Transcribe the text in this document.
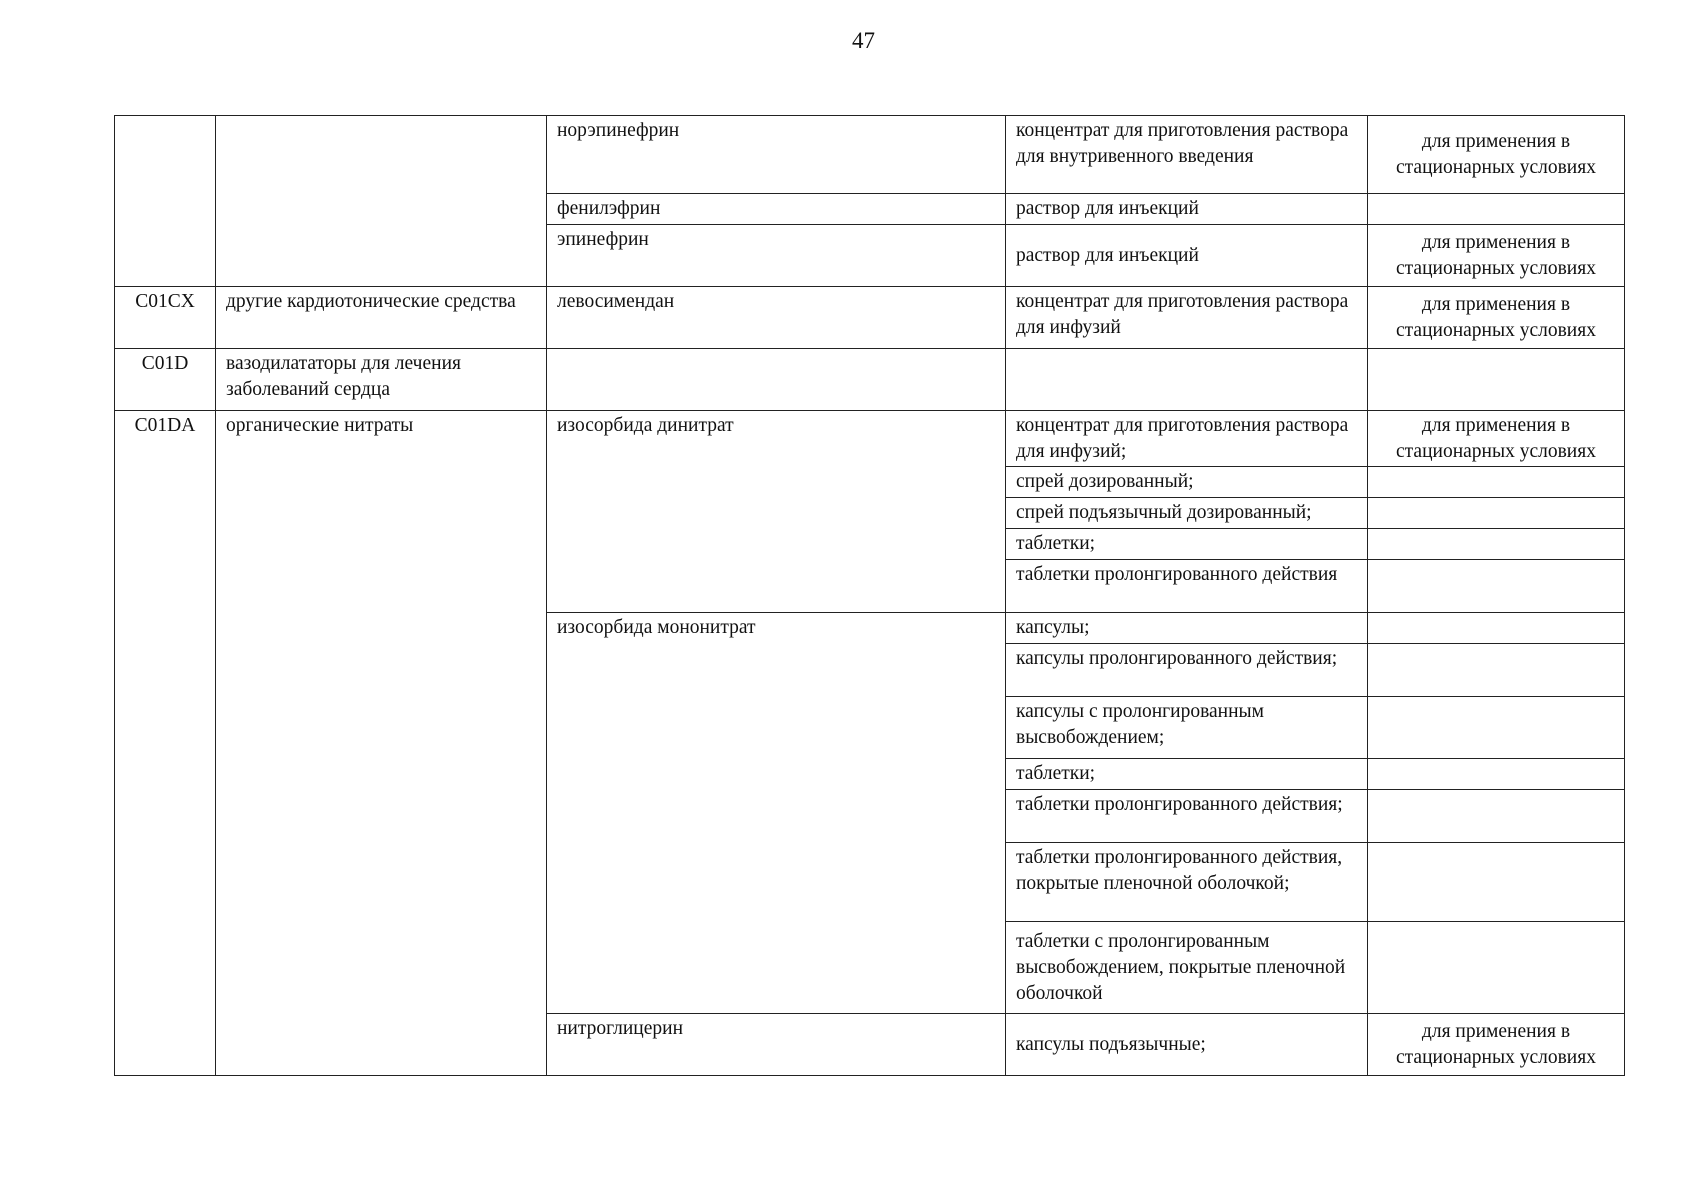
47
		норэпинефрин	концентрат для приготовления раствора для внутривенного введения	для применения в стационарных условиях
		фенилэфрин	раствор для инъекций	
		эпинефрин	раствор для инъекций	для применения в стационарных условиях
C01CX	другие кардиотонические средства	левосимендан	концентрат для приготовления раствора для инфузий	для применения в стационарных условиях
C01D	вазодилататоры для лечения заболеваний сердца			
C01DA	органические нитраты	изосорбида динитрат	концентрат для приготовления раствора для инфузий;	для применения в стационарных условиях
			спрей дозированный;	
			спрей подъязычный дозированный;	
			таблетки;	
			таблетки пролонгированного действия	
		изосорбида мононитрат	капсулы;	
			капсулы пролонгированного действия;	
			капсулы с пролонгированным высвобождением;	
			таблетки;	
			таблетки пролонгированного действия;	
			таблетки пролонгированного действия, покрытые пленочной оболочкой;	
			таблетки с пролонгированным высвобождением, покрытые пленочной оболочкой	
		нитроглицерин	капсулы подъязычные;	для применения в стационарных условиях
